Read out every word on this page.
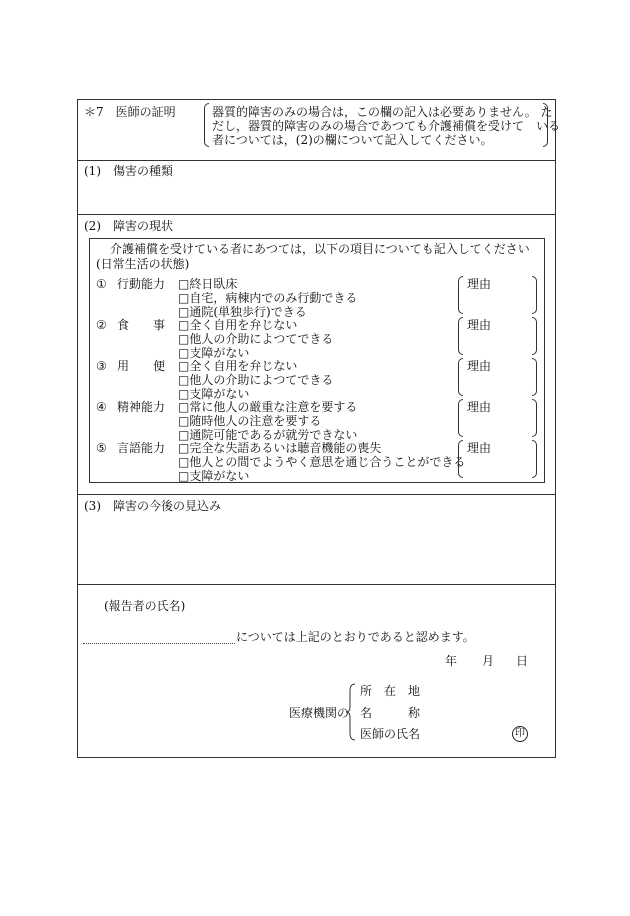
＊7　医師の証明	器質的障害のみの場合は，この欄の記入は必要ありません。 た
だし，器質的障害のみの場合であつても介護補償を受けて　いる
者については，(2)の欄について記入してください。
(1)　傷害の種類
(2)　障害の現状
介護補償を受けている者にあつては，以下の項目についても記入してください
(日常生活の状態)
① 行動能力 □終日臥床
□自宅，病棟内でのみ行動できる
□通院(単独歩行)できる
理由
② 食　　事 □全く自用を弁じない
□他人の介助によつてできる
□支障がない
理由
③ 用　　便 □全く自用を弁じない
□他人の介助によつてできる
□支障がない
理由
④ 精神能力 □常に他人の厳重な注意を要する
□随時他人の注意を要する
□通院可能であるが就労できない
理由
⑤ 言語能力 □完全な失語あるいは聴音機能の喪失
□他人との間でようやく意思を通じ合うことができる
□支障がない
理由
(3)　障害の今後の見込み
(報告者の氏名)
については上記のとおりであると認めます。
年 月 日
医療機関の
所　在　地
名　　　称
医師の氏名	印
